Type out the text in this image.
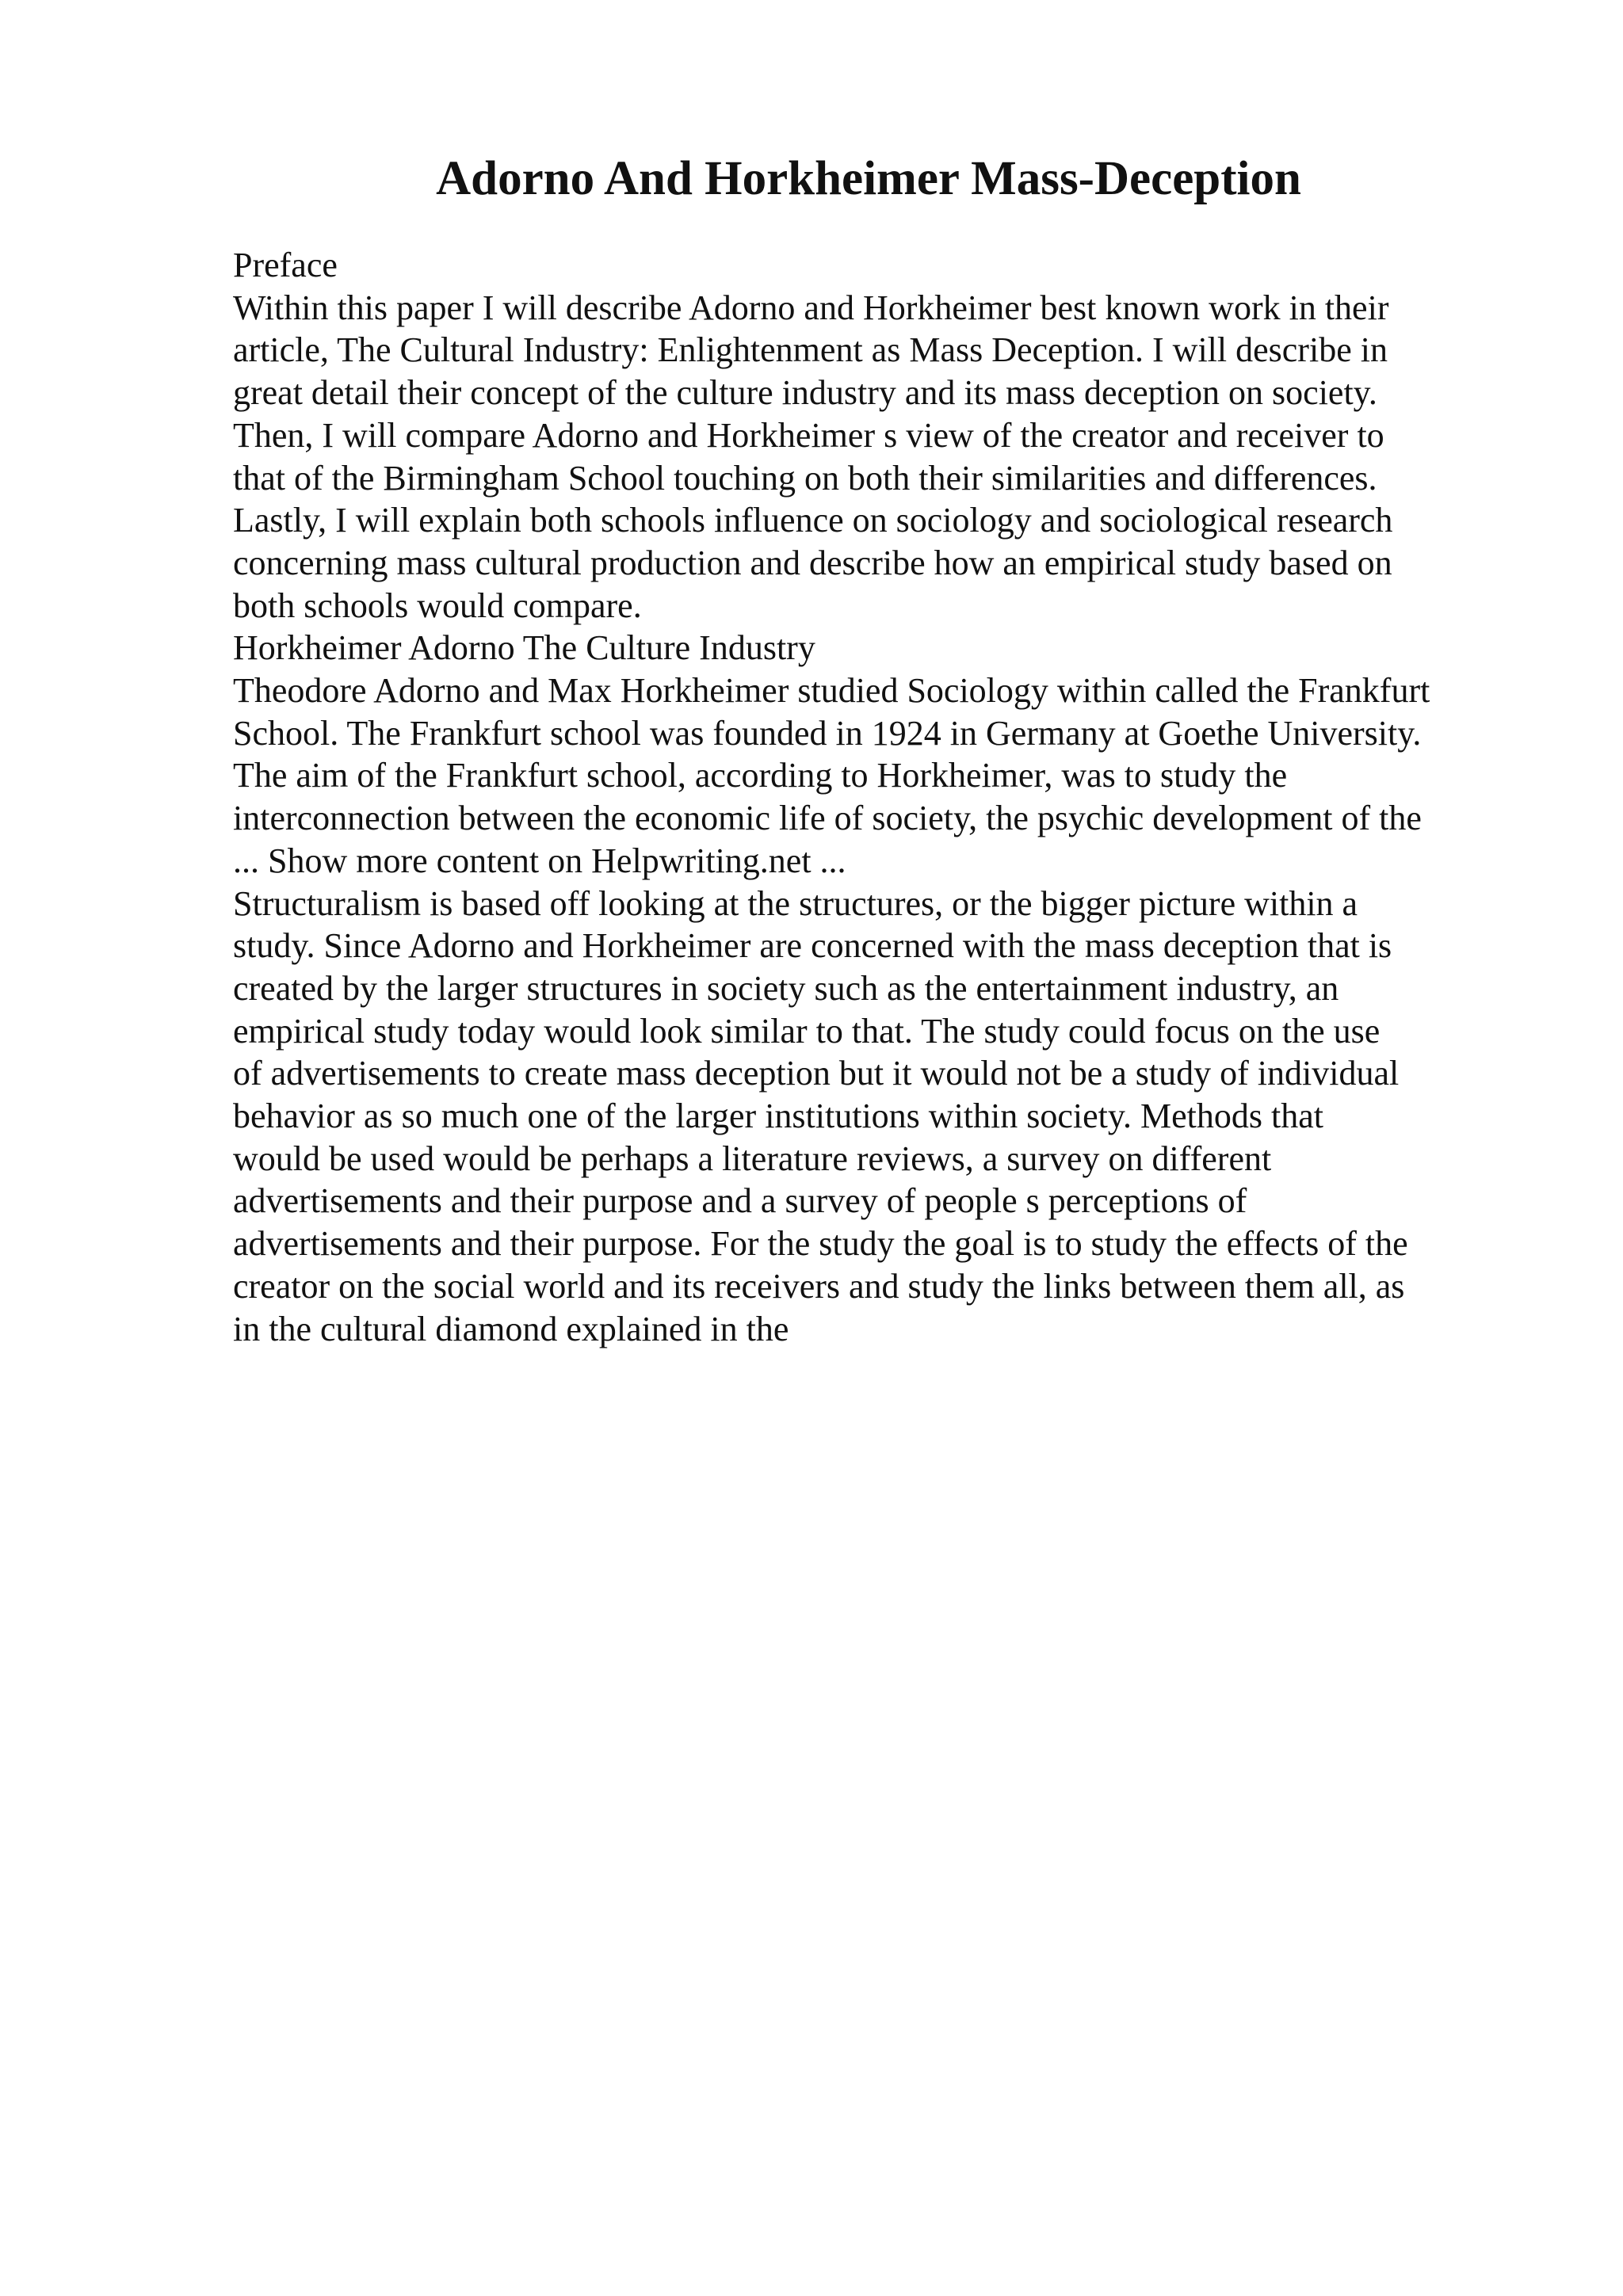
Adorno And Horkheimer Mass-Deception
Preface
Within this paper I will describe Adorno and Horkheimer best known work in their
article, The Cultural Industry: Enlightenment as Mass Deception. I will describe in
great detail their concept of the culture industry and its mass deception on society.
Then, I will compare Adorno and Horkheimer s view of the creator and receiver to
that of the Birmingham School touching on both their similarities and differences.
Lastly, I will explain both schools influence on sociology and sociological research
concerning mass cultural production and describe how an empirical study based on
both schools would compare.
Horkheimer Adorno The Culture Industry
Theodore Adorno and Max Horkheimer studied Sociology within called the Frankfurt
School. The Frankfurt school was founded in 1924 in Germany at Goethe University.
The aim of the Frankfurt school, according to Horkheimer, was to study the
interconnection between the economic life of society, the psychic development of the
... Show more content on Helpwriting.net ...
Structuralism is based off looking at the structures, or the bigger picture within a
study. Since Adorno and Horkheimer are concerned with the mass deception that is
created by the larger structures in society such as the entertainment industry, an
empirical study today would look similar to that. The study could focus on the use
of advertisements to create mass deception but it would not be a study of individual
behavior as so much one of the larger institutions within society. Methods that
would be used would be perhaps a literature reviews, a survey on different
advertisements and their purpose and a survey of people s perceptions of
advertisements and their purpose. For the study the goal is to study the effects of the
creator on the social world and its receivers and study the links between them all, as
in the cultural diamond explained in the
